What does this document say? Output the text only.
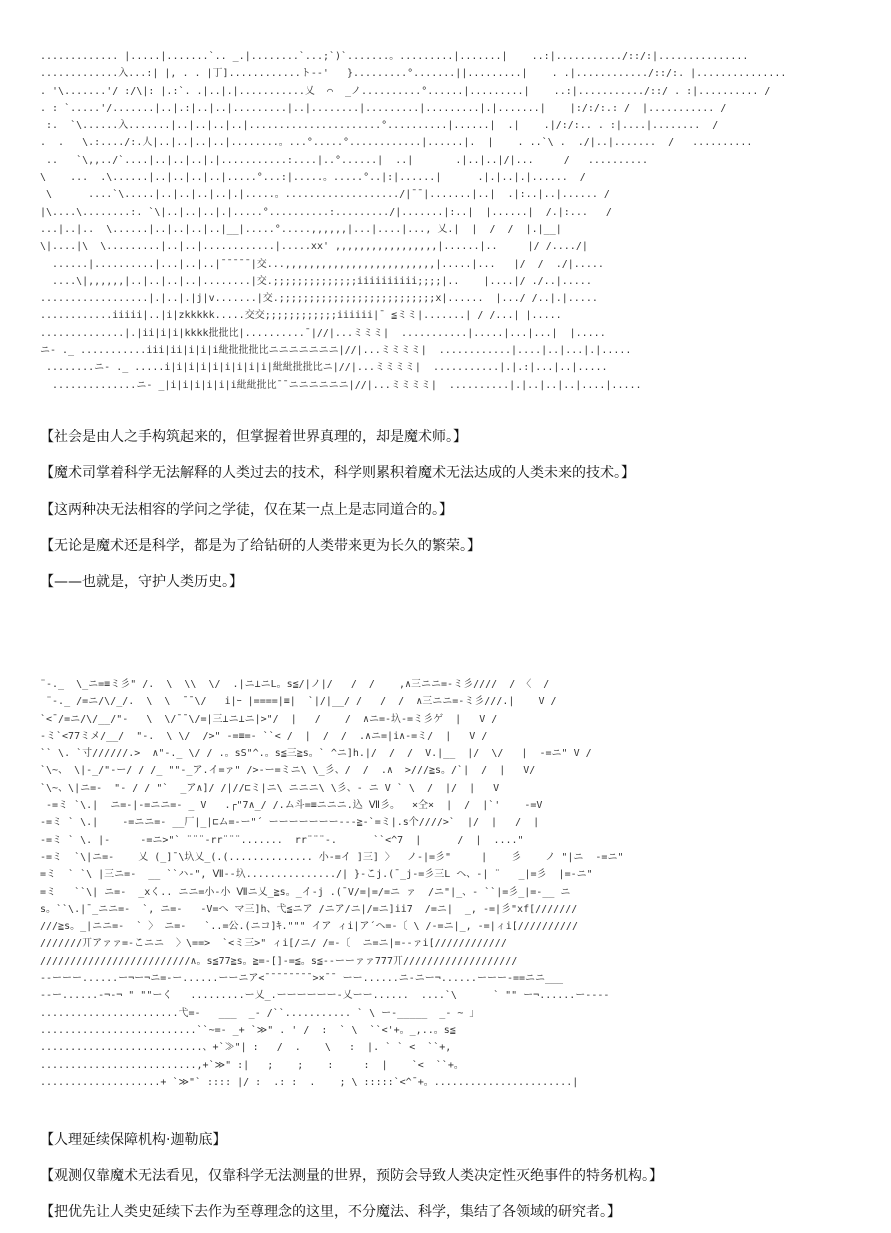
............. |.....|.......`.. _.|........`...;`)`.......。.........|.......|    ..:|.........../::/:|...............
.............入...:| |, . . |丁]............ト--'   }.........°.......||.........|    . .|............/::/:. |...............
. '\.......'/ :/\|: |.:`. .|..|.|...........乂  ⌒  _ノ..........°......|.........|    ..:|.........../::/ . :|.......... /
. : `.....'/.......|..|.:|..|..|.........|..|........|.........|.........|.|.......|    |:/:/:.: /  |........... /
:.  `\......入.......|..|..|..|..|......................°..........|......|  .|    .|/:/:.. . :|....|........  /
.  .   \.:..../:.人|..|..|..|..|........。...°.....°............|......|.  |    . ..`\ .  ./|..|.......  /   ..........
..   `\,,../`....|..|..|..|.|...........:....|..°......|  ..|       .|..|..|/|...     /   ..........
\    ...  .\......|..|..|..|..|.....°...:|.....。.....°..|:|......|      .|.|..|.|......  /
\      ....`\.....|..|..|..|..|.|.....。.................../|¯¯|.......|..|  .|:..|..|...... /
|\....\........:. `\|..|..|..|.|.....°..........:........./|.......|:..|  |......|  /.|:...   /
...|..|..  \......|..|..|..|..|__|.....°.....,,,,,,|...|....|..., 乂.|  |  /  /  |.|__|
\|....|\  \.........|..|..|............|.....xx' ,,,,,,,,,,,,,,,,,|......|..     |/ /..../|
......|..........|...|..|..|¯¯¯¯¯|交...,,,,,,,,,,,,,,,,,,,,,,,,,|.....|...   |/  /  ./|.....
....\|,,,,,,|..|..|..|..|........|交.;;;;;;;;;;;;;;iiiiiiiiii;;;;|..    |....|/ ./..|.....
..................|.|..|.|j|v.......|交.;;;;;;;;;;;;;;;;;;;;;;;;;;x|......  |.../ /..|.|.....
............iiiii|..|i|zkkkkk.....交交;;;;;;;;;;;;iiiiii|¯ ≦ミミ|.......| / /...| |.....
..............|.|ii|i|i|kkkk批批比|..........¯|//|...ミミミ|  ...........|.....|...|...|  |.....
ニ- ._ ...........iii|ii|i|i|i紕批批批比ニニニニニニニ|//|...ミミミミ|  ............|....|..|...|.|.....
........ニ- ._ .....i|i|i|i|i|i|i|i|i|紕紕批批比ニ|//|...ミミミミ|  ...........|.|.:|...|..|.....
..............ニ- _|i|i|i|i|i|i紕紕批比¯¯ニニニニニニ|//|...ミミミミ|  ..........|.|..|..|..|....|.....
【社会是由人之手构筑起来的，但掌握着世界真理的，却是魔术师。】
【魔术司掌着科学无法解释的人类过去的技术，科学则累积着魔术无法达成的人类未来的技术。】
【这两种决无法相容的学问之学徒，仅在某一点上是志同道合的。】
【无论是魔术还是科学，都是为了给钻研的人类带来更为长久的繁荣。】
【——也就是，守护人类历史。】
¨-._  \_ニ=≡ミ彡" /.  \  \\  \/  .|ニ⊥ニL。s≦/|ノ|/   /  /    ,∧三ニニ=-ミ彡////  / 〈  /
¨-._ /=ニ/\/_/.  \  \  ¯¯\/   i|ｰ |====|≡|  `|/|__/ /   /  /  ∧三ニニ=-ミ彡///.|    V /
`<¯/=ニ/\/__/"-   \  \/¯¯\/=|三⊥ニ⊥ニ|>"/  |   /    /  ∧ニ=-圦-=ミ彡ゲ  |   V /
-ミ`<77ミメ/__/  "-.  \ \/  />" -=≡=- ``< /  |  /  /  .∧ニ=|i∧-=ミ/  |   V /
`` \. `寸//////.>  ∧"-._ \/ / .。sS"^.。s≦三≧s。` ^ニ]h.|/  /  /  V.|__  |/  \/   |  -=ニ" V /
`\~、 \|-_/"-ー/ / /_ ""-_ア.イ=ァ" />-ー=ミニ\ \_彡、/  /  .∧  >///≧s。/`|  /  |   V/
`\~、\|ニ=-  "- / / "`  _ア∧]/ /|//⊏ミ|ニ\ ニニニ\ \彡、- ニ V ` \  /  |/  |   V
-=ミ `\.|  ニ=-|-=ニニ=- _ V   .┌"7∧_/ /.ム斗=≡ニニニ.込 Ⅶ彡。  ×仝×  |  /  |`'    -=V
-=ミ ` \.|    -=ニニ=- __厂|_|⊏ム=-ー"´ ーーーーーーー---≧-`=ミ|.s个////>`  |/  |   /  |
-=ミ ` \. |-     -=ニ>"` ¨¨¨-rr¨¨¨.......  rr¨¨¨-.      ``<^7  |      /  |  ...."
-=ミ  `\|ニ=-    乂 (_]¯\圦乂_(.(.............. 小-=イ ]三] 〉  ノ-|=彡"     |    彡    ノ "|ニ  -=ニ"
=ミ  ` `\ |三ニ=-  __ ``ハ-", Ⅶ--圦.............../| }-こj.(¯_j-=彡三L ヘ、-| ¨   _|=彡  |=-ニ"
=ミ   ``\| ニ=-  _xく.. ニニ=小-小 Ⅶニ乂_≧s。_イ-j .(¯V/=|=/=ニ ァ  /ニ"|_、- ``|=彡_|=-__ ニ
s。``\.|¯_ニニ=-  `, ニ=-   -V=へ マ三]h、弋≦ニア /ニア/ニ|/=ニ]ii7  /=ニ|  _, -=|彡"xf[///////
///≧s。_|ニニ=-  ` 〉 ニ=-   `..=公.(ニコ]ｷ.""" イア ィi|ア´ヘ=-〔 \ /-=ニ|_, -=|ィi[//////////
///////丌アァァ=-こニニ  〉\==>  `<ミ三>" ィi[/ニ/ /=-〔  ニ=ニ|=--ァi[////////////
/////////////////////////∧。s≦77≧s。≧=-[]-=≦。s≦--ーーァァ777丌///////////////////
--ーーー......ー¬ー¬ニ=-ー......ーーニア<¯¯¯¯¯¯¯¯>×¯¯ ーー......ニ-ニー¬......ーーー-==ニニ___
--ー......-¬-¬ " ""ーく   .........ー乂_.ーーーーーー-乂ーー......  ....`\      ` "" ー¬......ー----
.......................弋=-   ___  _- /``........... ` \ ー-_____  _- ~ 」
..........................``~=- _+ `≫" . ' /  :  ` \  ``<'+。_,..。s≦
...........................、+`≫"| :   /  .    \   :  |. ` ` <  ``+,
..........................,+`≫" :|   ;    ;    :     :  |    `<  ``+。
....................+ `≫"` :::: |/ :  .: :  .    ; \ :::::`<^¯+。.......................|
【人理延续保障机构·迦勒底】
【观测仅靠魔术无法看见，仅靠科学无法测量的世界，预防会导致人类决定性灭绝事件的特务机构。】
【把优先让人类史延续下去作为至尊理念的这里，不分魔法、科学，集结了各领域的研究者。】
